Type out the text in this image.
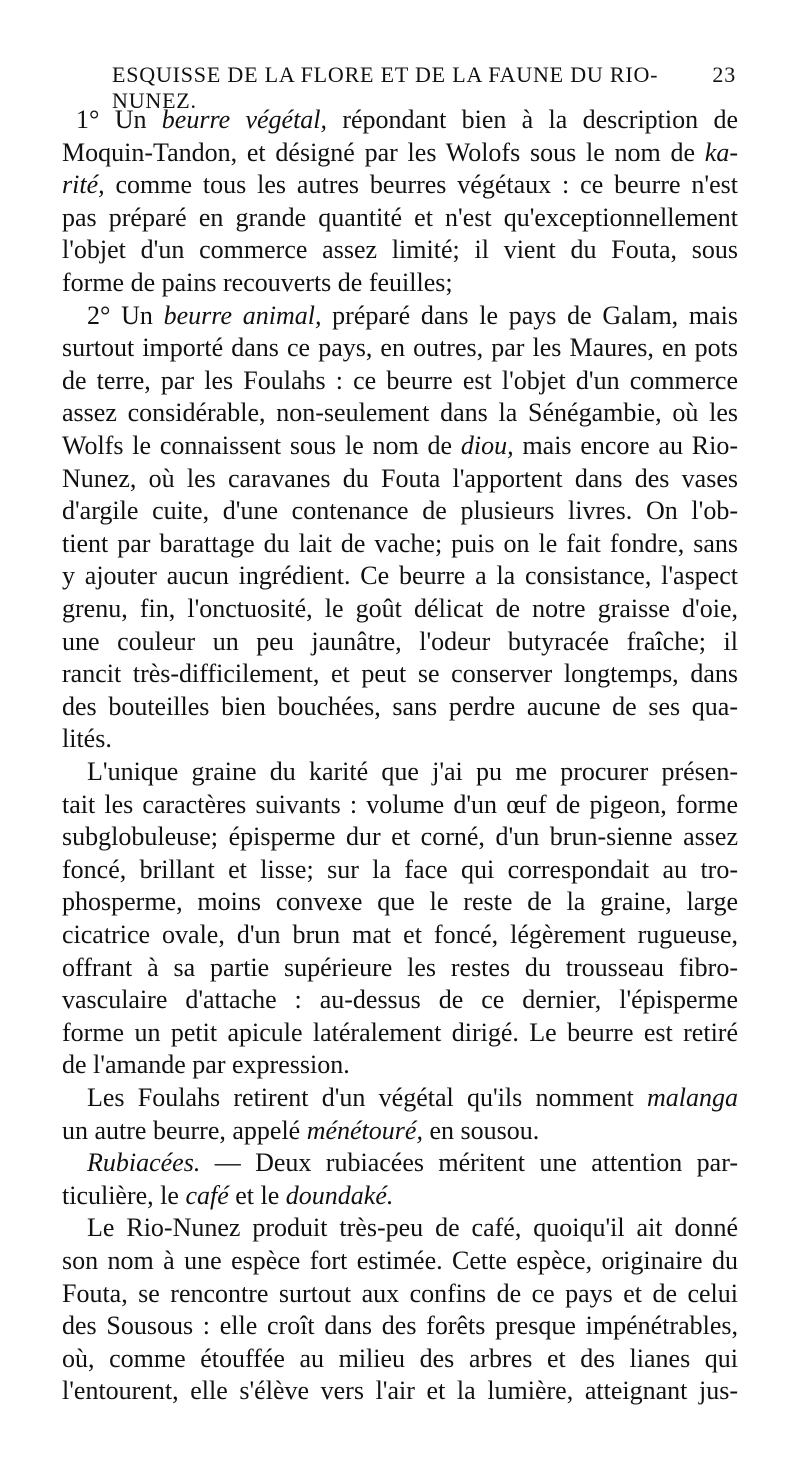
ESQUISSE DE LA FLORE ET DE LA FAUNE DU RIO-NUNEZ.
23
1° Un beurre végétal, répondant bien à la description de
Moquin-Tandon, et désigné par les Wolofs sous le nom de ka-
rité, comme tous les autres beurres végétaux : ce beurre n'est
pas préparé en grande quantité et n'est qu'exceptionnellement
l'objet d'un commerce assez limité; il vient du Fouta, sous
forme de pains recouverts de feuilles;
2° Un beurre animal, préparé dans le pays de Galam, mais
surtout importé dans ce pays, en outres, par les Maures, en pots
de terre, par les Foulahs : ce beurre est l'objet d'un commerce
assez considérable, non-seulement dans la Sénégambie, où les
Wolfs le connaissent sous le nom de diou, mais encore au Rio-
Nunez, où les caravanes du Fouta l'apportent dans des vases
d'argile cuite, d'une contenance de plusieurs livres. On l'ob-
tient par barattage du lait de vache; puis on le fait fondre, sans
y ajouter aucun ingrédient. Ce beurre a la consistance, l'aspect
grenu, fin, l'onctuosité, le goût délicat de notre graisse d'oie,
une couleur un peu jaunâtre, l'odeur butyracée fraîche; il
rancit très-difficilement, et peut se conserver longtemps, dans
des bouteilles bien bouchées, sans perdre aucune de ses qua-
lités.
L'unique graine du karité que j'ai pu me procurer présen-
tait les caractères suivants : volume d'un œuf de pigeon, forme
subglobuleuse; épisperme dur et corné, d'un brun-sienne assez
foncé, brillant et lisse; sur la face qui correspondait au tro-
phosperme, moins convexe que le reste de la graine, large
cicatrice ovale, d'un brun mat et foncé, légèrement rugueuse,
offrant à sa partie supérieure les restes du trousseau fibro-
vasculaire d'attache : au-dessus de ce dernier, l'épisperme
forme un petit apicule latéralement dirigé. Le beurre est retiré
de l'amande par expression.
Les Foulahs retirent d'un végétal qu'ils nomment malanga
un autre beurre, appelé ménétouré, en sousou.
Rubiacées. — Deux rubiacées méritent une attention par-
ticulière, le café et le doundaké.
Le Rio-Nunez produit très-peu de café, quoiqu'il ait donné
son nom à une espèce fort estimée. Cette espèce, originaire du
Fouta, se rencontre surtout aux confins de ce pays et de celui
des Sousous : elle croît dans des forêts presque impénétrables,
où, comme étouffée au milieu des arbres et des lianes qui
l'entourent, elle s'élève vers l'air et la lumière, atteignant jus-
